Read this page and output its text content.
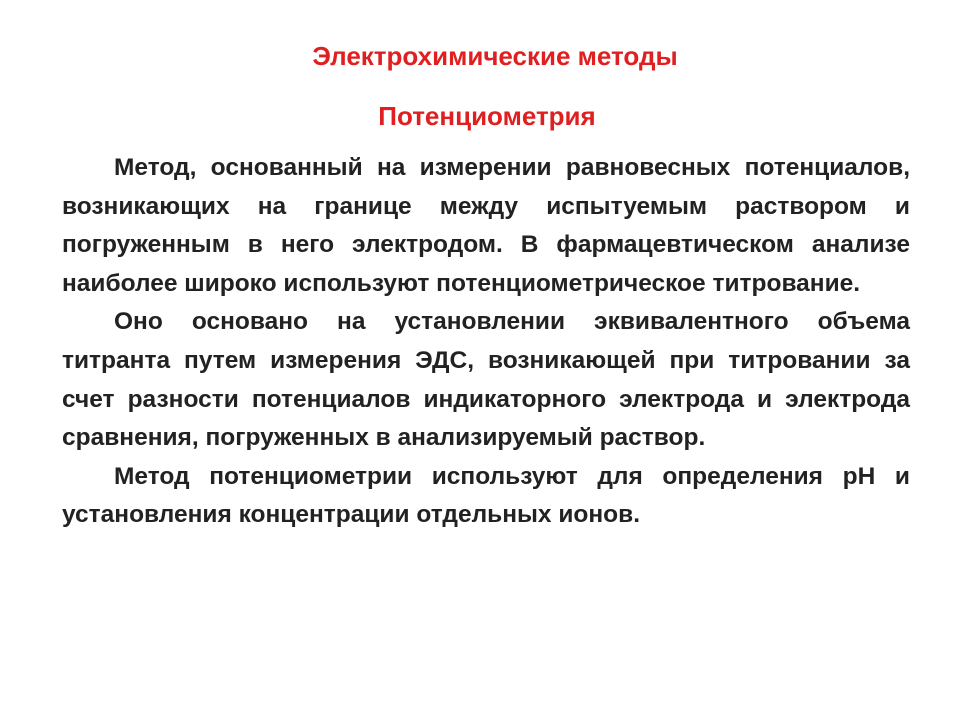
Электрохимические методы
Потенциометрия

Метод, основанный на измерении равновесных потенциалов, возникающих на границе между испытуемым раствором и погруженным в него электродом. В фармацевтическом анализе наиболее широко используют потенциометрическое титрование.

Оно основано на установлении эквивалентного объема титранта путем измерения ЭДС, возникающей при титровании за счет разности потенциалов индикаторного электрода и электрода сравнения, погруженных в анализируемый раствор.

Метод потенциометрии используют для определения рН и установления концентрации отдельных ионов.
